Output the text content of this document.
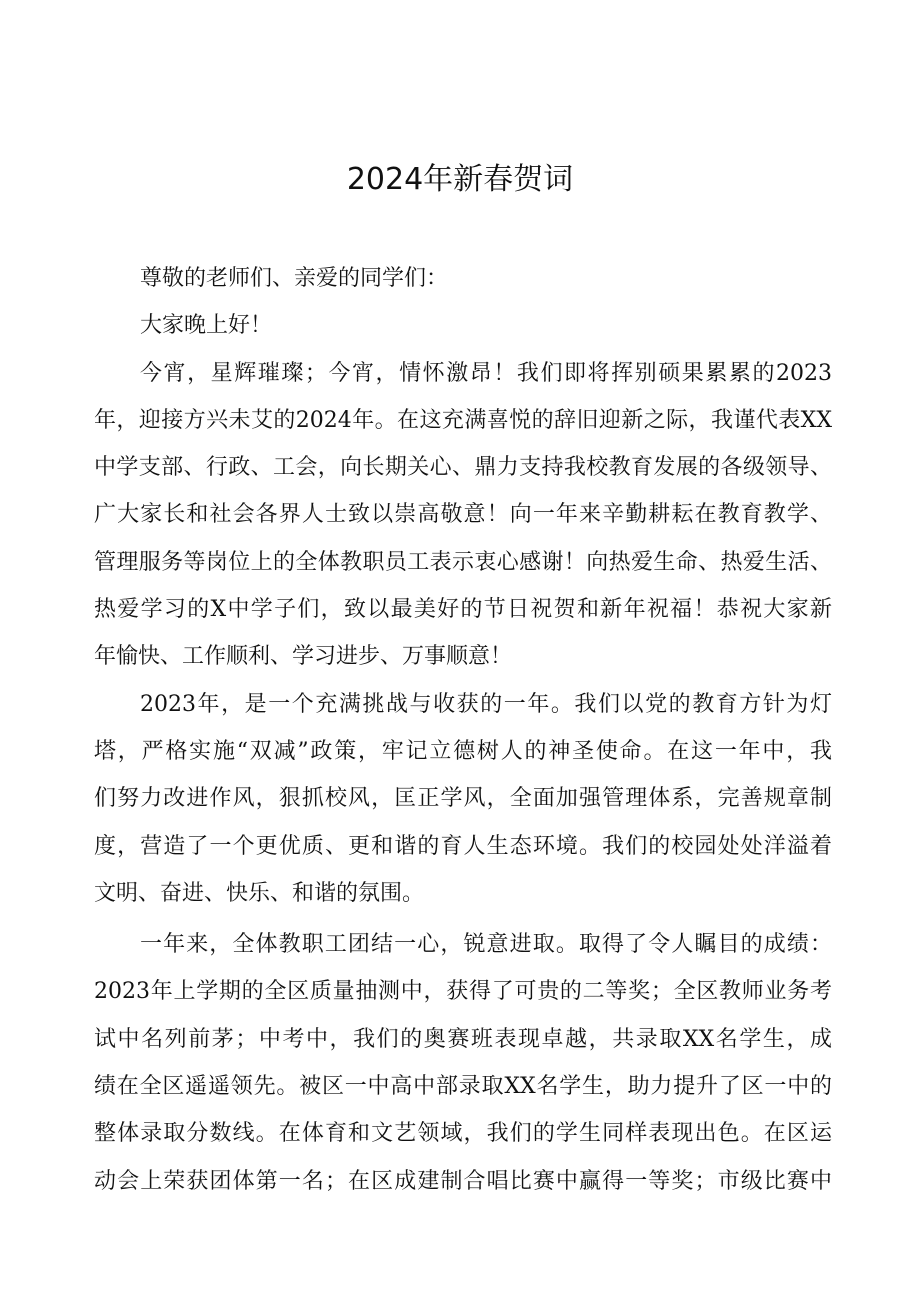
2024年新春贺词
尊敬的老师们、亲爱的同学们：
大家晚上好！
今宵，星辉璀璨；今宵，情怀激昂！我们即将挥别硕果累累的2023
年，迎接方兴未艾的2024年。在这充满喜悦的辞旧迎新之际，我谨代表XX
中学支部、行政、工会，向长期关心、鼎力支持我校教育发展的各级领导、
广大家长和社会各界人士致以崇高敬意！向一年来辛勤耕耘在教育教学、
管理服务等岗位上的全体教职员工表示衷心感谢！向热爱生命、热爱生活、
热爱学习的X中学子们，致以最美好的节日祝贺和新年祝福！恭祝大家新
年愉快、工作顺利、学习进步、万事顺意！
2023年，是一个充满挑战与收获的一年。我们以党的教育方针为灯
塔，严格实施“双减”政策，牢记立德树人的神圣使命。在这一年中，我
们努力改进作风，狠抓校风，匡正学风，全面加强管理体系，完善规章制
度，营造了一个更优质、更和谐的育人生态环境。我们的校园处处洋溢着
文明、奋进、快乐、和谐的氛围。
一年来，全体教职工团结一心，锐意进取。取得了令人瞩目的成绩：
2023年上学期的全区质量抽测中，获得了可贵的二等奖；全区教师业务考
试中名列前茅；中考中，我们的奥赛班表现卓越，共录取XX名学生，成
绩在全区遥遥领先。被区一中高中部录取XX名学生，助力提升了区一中的
整体录取分数线。在体育和文艺领域，我们的学生同样表现出色。在区运
动会上荣获团体第一名；在区成建制合唱比赛中赢得一等奖；市级比赛中
